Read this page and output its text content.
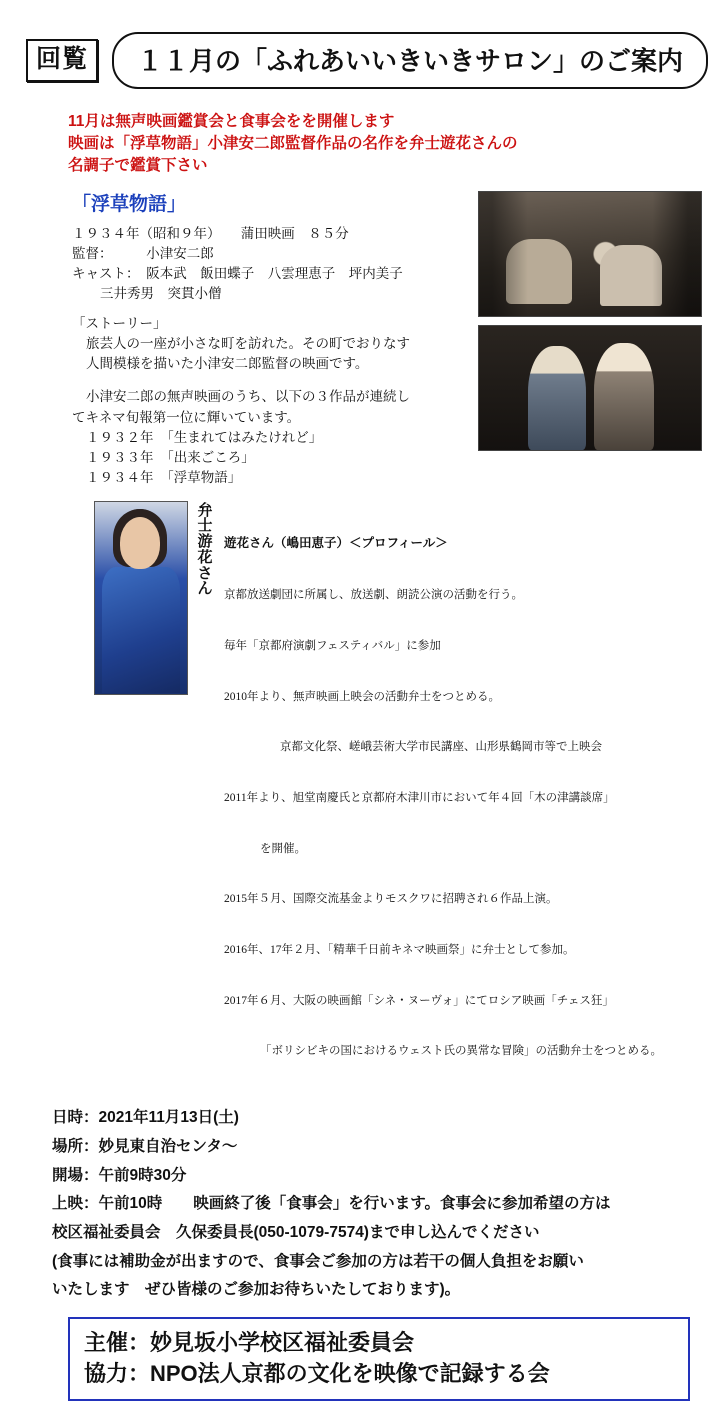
回覧	１１月の「ふれあいいきいきサロン」のご案内
11月は無声映画鑑賞会と食事会をを開催します
映画は「浮草物語」小津安二郎監督作品の名作を弁士遊花さんの
名調子で鑑賞下さい
「浮草物語」
１９３４年（昭和９年）　　蒲田映画　８５分
監督：　　　小津安二郎
キャスト：　阪本武　飯田蝶子　八雲理恵子　坪内美子
三井秀男　突貫小僧
「ストーリー」
旅芸人の一座が小さな町を訪れた。その町でおりなす
人間模様を描いた小津安二郎監督の映画です。
小津安二郎の無声映画のうち、以下の３作品が連続し
てキネマ旬報第一位に輝いています。
１９３２年　「生まれてはみたけれど」
１９３３年　「出来ごころ」
１９３４年　「浮草物語」
弁士游花さん

遊花さん（嶋田恵子）＜プロフィール＞

京都放送劇団に所属し、放送劇、朗読公演の活動を行う。

毎年「京都府演劇フェスティバル」に参加

2010年より、無声映画上映会の活動弁士をつとめる。

京都文化祭、嵯峨芸術大学市民講座、山形県鶴岡市等で上映会

2011年より、旭堂南慶氏と京都府木津川市において年４回「木の津講談席」

を開催。

2015年５月、国際交流基金よりモスクワに招聘され６作品上演。

2016年、17年２月、「精華千日前キネマ映画祭」に弁士として参加。

2017年６月、大阪の映画館「シネ・ヌーヴォ」にてロシア映画「チェス狂」

「ボリシビキの国におけるウェスト氏の異常な冒険」の活動弁士をつとめる。

日時：2021年11月13日(土)
場所：妙見東自治センタ～
開場：午前9時30分
上映：午前10時　　映画終了後「食事会」を行います。食事会に参加希望の方は
校区福祉委員会　久保委員長(050-1079-7574)まで申し込んでください
(食事には補助金が出ますので、食事会ご参加の方は若干の個人負担をお願い
いたします　ぜひ皆様のご参加お待ちいたしております)。
主催：妙見坂小学校区福祉委員会
協力：NPO法人京都の文化を映像で記録する会
